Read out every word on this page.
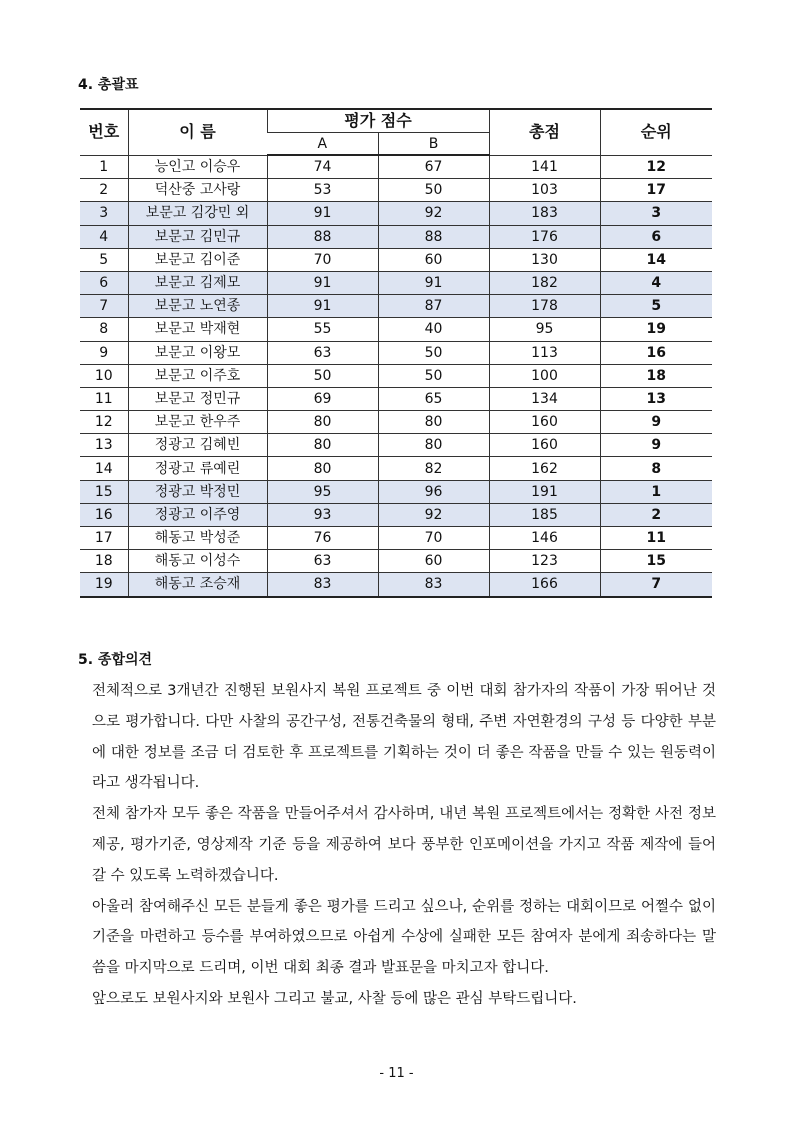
4. 총괄표
번호	이 름	평가 점수		총점	순위
		A	B		
1	능인고 이승우	74	67	141	12
2	덕산중 고사랑	53	50	103	17
3	보문고 김강민 외	91	92	183	3
4	보문고 김민규	88	88	176	6
5	보문고 김이준	70	60	130	14
6	보문고 김제모	91	91	182	4
7	보문고 노연종	91	87	178	5
8	보문고 박재현	55	40	95	19
9	보문고 이왕모	63	50	113	16
10	보문고 이주호	50	50	100	18
11	보문고 정민규	69	65	134	13
12	보문고 한우주	80	80	160	9
13	정광고 김혜빈	80	80	160	9
14	정광고 류예린	80	82	162	8
15	정광고 박정민	95	96	191	1
16	정광고 이주영	93	92	185	2
17	해동고 박성준	76	70	146	11
18	해동고 이성수	63	60	123	15
19	해동고 조승재	83	83	166	7
5. 종합의견

전체적으로 3개년간 진행된 보원사지 복원 프로젝트 중 이번 대회 참가자의 작품이 가장 뛰어난 것으로 평가합니다. 다만 사찰의 공간구성, 전통건축물의 형태, 주변 자연환경의 구성 등 다양한 부분에 대한 정보를 조금 더 검토한 후 프로젝트를 기획하는 것이 더 좋은 작품을 만들 수 있는 원동력이라고 생각됩니다.

전체 참가자 모두 좋은 작품을 만들어주셔서 감사하며, 내년 복원 프로젝트에서는 정확한 사전 정보제공, 평가기준, 영상제작 기준 등을 제공하여 보다 풍부한 인포메이션을 가지고 작품 제작에 들어갈 수 있도록 노력하겠습니다.

아울러 참여해주신 모든 분들게 좋은 평가를 드리고 싶으나, 순위를 정하는 대회이므로 어쩔수 없이 기준을 마련하고 등수를 부여하였으므로 아쉽게 수상에 실패한 모든 참여자 분에게 죄송하다는 말씀을 마지막으로 드리며, 이번 대회 최종 결과 발표문을 마치고자 합니다.

앞으로도 보원사지와 보원사 그리고 불교, 사찰 등에 많은 관심 부탁드립니다.

- 11 -
